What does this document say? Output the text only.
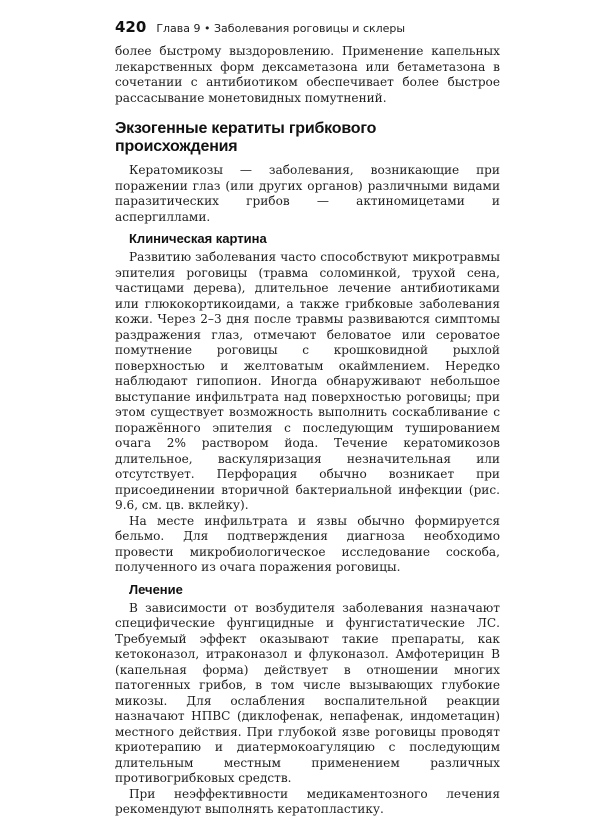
420 Глава 9 • Заболевания роговицы и склеры

более быстрому выздоровлению. Применение капельных лекарственных форм дексаметазона или бетаметазона в сочетании с антибиотиком обеспечивает более быстрое рассасывание монетовидных помутнений.

Экзогенные кератиты грибкового происхождения

Кератомикозы — заболевания, возникающие при поражении глаз (или других органов) различными видами паразитических грибов — актиномицетами и аспергиллами.

Клиническая картина

Развитию заболевания часто способствуют микротравмы эпителия роговицы (травма соломинкой, трухой сена, частицами дерева), длительное лечение антибиотиками или глюкокортикоидами, а также грибковые заболевания кожи. Через 2–3 дня после травмы развиваются симптомы раздражения глаз, отмечают беловатое или сероватое помутнение роговицы с крошковидной рыхлой поверхностью и желтоватым окаймлением. Нередко наблюдают гипопион. Иногда обнаруживают небольшое выступание инфильтрата над поверхностью роговицы; при этом существует возможность выполнить соскабливание с поражённого эпителия с последующим тушированием очага 2% раствором йода. Течение кератомикозов длительное, васкуляризация незначительная или отсутствует. Перфорация обычно возникает при присоединении вторичной бактериальной инфекции (рис. 9.6, см. цв. вклейку).

На месте инфильтрата и язвы обычно формируется бельмо. Для подтверждения диагноза необходимо провести микробиологическое исследование соскоба, полученного из очага поражения роговицы.

Лечение

В зависимости от возбудителя заболевания назначают специфические фунгицидные и фунгистатические ЛС. Требуемый эффект оказывают такие препараты, как кетоконазол, итраконазол и флуконазол. Амфотерицин В (капельная форма) действует в отношении многих патогенных грибов, в том числе вызывающих глубокие микозы. Для ослабления воспалительной реакции назначают НПВС (диклофенак, непафенак, индометацин) местного действия. При глубокой язве роговицы проводят криотерапию и диатермокоагуляцию с последующим длительным местным применением различных противогрибковых средств.

При неэффективности медикаментозного лечения рекомендуют выполнять кератопластику.
